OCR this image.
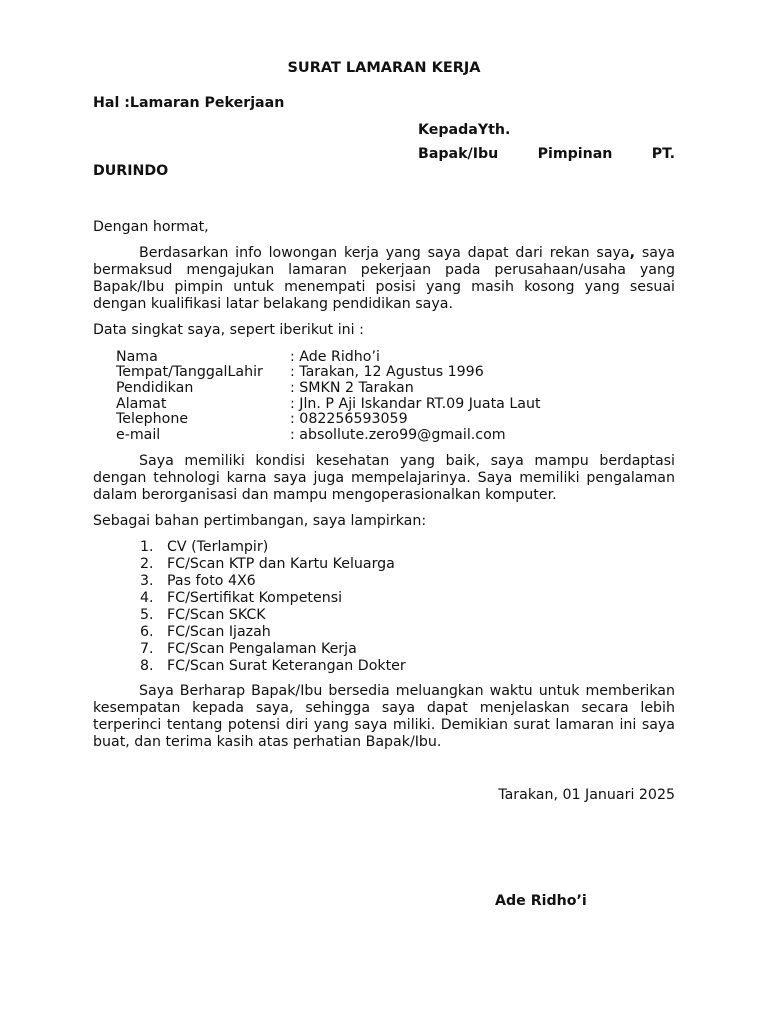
SURAT LAMARAN KERJA
Hal :Lamaran Pekerjaan
KepadaYth.
Bapak/Ibu	Pimpinan	PT.
DURINDO
Dengan hormat,
Berdasarkan info lowongan kerja yang saya dapat dari rekan saya, saya bermaksud mengajukan lamaran pekerjaan pada perusahaan/usaha yang Bapak/Ibu pimpin untuk menempati posisi yang masih kosong yang sesuai dengan kualifikasi latar belakang pendidikan saya.
Data singkat saya, sepert iberikut ini :
Nama	: Ade Ridho’i
Tempat/TanggalLahir : Tarakan, 12 Agustus 1996
Pendidikan	: SMKN 2 Tarakan
Alamat	: Jln. P Aji Iskandar RT.09 Juata Laut
Telephone	: 082256593059
e-mail	: absollute.zero99@gmail.com
Saya memiliki kondisi kesehatan yang baik, saya mampu berdaptasi dengan tehnologi karna saya juga mempelajarinya. Saya memiliki pengalaman dalam berorganisasi dan mampu mengoperasionalkan komputer.
Sebagai bahan pertimbangan, saya lampirkan:
1. CV (Terlampir)
2. FC/Scan KTP dan Kartu Keluarga
3. Pas foto 4X6
4. FC/Sertifikat Kompetensi
5. FC/Scan SKCK
6. FC/Scan Ijazah
7. FC/Scan Pengalaman Kerja
8. FC/Scan Surat Keterangan Dokter
Saya Berharap Bapak/Ibu bersedia meluangkan waktu untuk memberikan kesempatan kepada saya, sehingga saya dapat menjelaskan secara lebih terperinci tentang potensi diri yang saya miliki. Demikian surat lamaran ini saya buat, dan terima kasih atas perhatian Bapak/Ibu.
Tarakan, 01 Januari 2025
Ade Ridho’i
